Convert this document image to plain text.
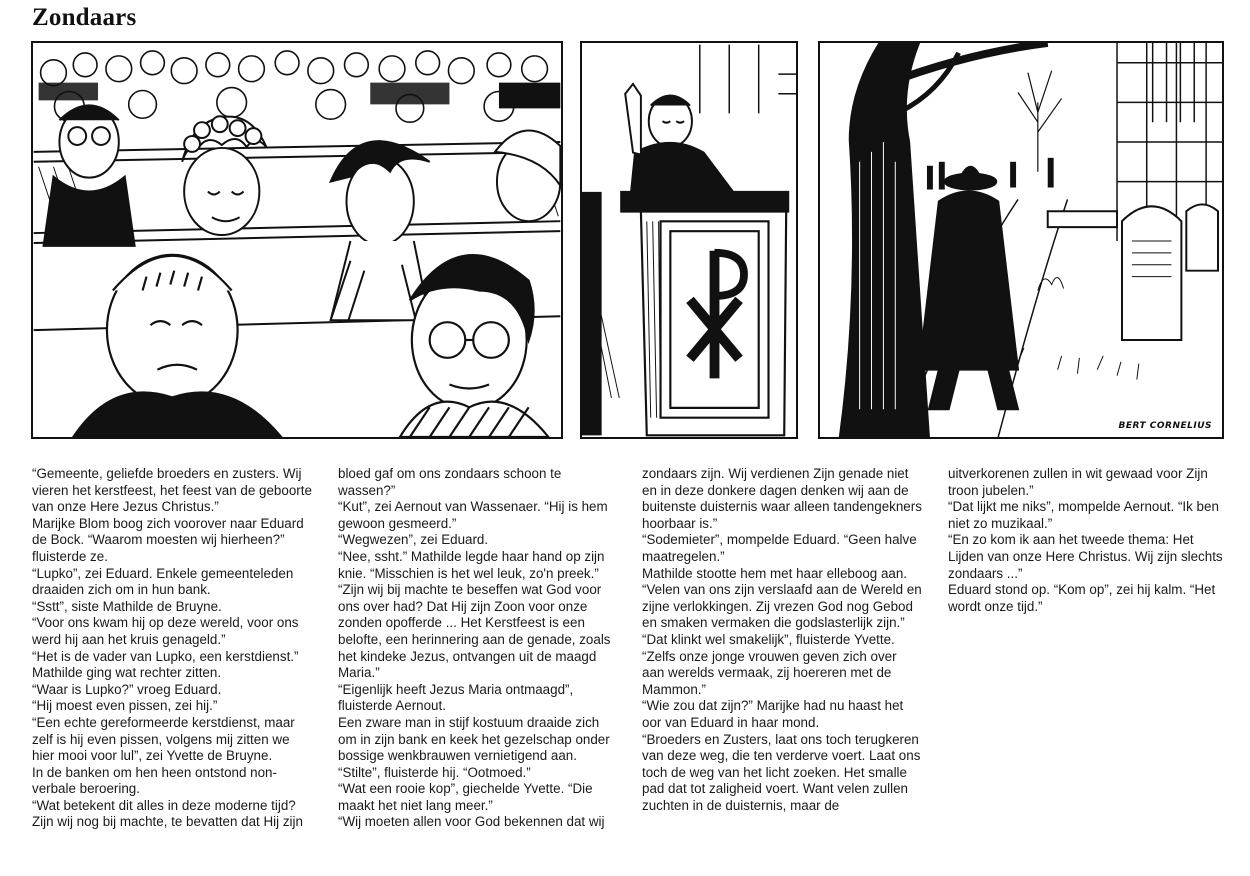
Zondaars
BERT CORNELIUS

“Gemeente, geliefde broeders en zusters. Wij vieren het kerstfeest, het feest van de geboorte van onze Here Jezus Christus.”

Marijke Blom boog zich voorover naar Eduard de Bock. “Waarom moesten wij hierheen?” fluisterde ze.

“Lupko”, zei Eduard. Enkele gemeenteleden draaiden zich om in hun bank.

“Sstt”, siste Mathilde de Bruyne.

“Voor ons kwam hij op deze wereld, voor ons werd hij aan het kruis genageld.”

“Het is de vader van Lupko, een kerstdienst.” Mathilde ging wat rechter zitten.

“Waar is Lupko?” vroeg Eduard.

“Hij moest even pissen, zei hij.”

“Een echte gereformeerde kerstdienst, maar zelf is hij even pissen, volgens mij zitten we hier mooi voor lul”, zei Yvette de Bruyne.

In de banken om hen heen ontstond non-verbale beroering.

“Wat betekent dit alles in deze moderne tijd? Zijn wij nog bij machte, te bevatten dat Hij zijn

bloed gaf om ons zondaars schoon te wassen?”

“Kut”, zei Aernout van Wassenaer. “Hij is hem gewoon gesmeerd.”

“Wegwezen”, zei Eduard.

“Nee, ssht.” Mathilde legde haar hand op zijn knie. “Misschien is het wel leuk, zo'n preek.”

“Zijn wij bij machte te beseffen wat God voor ons over had? Dat Hij zijn Zoon voor onze zonden opofferde ... Het Kerstfeest is een belofte, een herinnering aan de genade, zoals het kindeke Jezus, ontvangen uit de maagd Maria.”

“Eigenlijk heeft Jezus Maria ontmaagd”, fluisterde Aernout.

Een zware man in stijf kostuum draaide zich om in zijn bank en keek het gezelschap onder bossige wenkbrauwen vernietigend aan. “Stilte”, fluisterde hij. “Ootmoed.”

“Wat een rooie kop”, giechelde Yvette. “Die maakt het niet lang meer.”

“Wij moeten allen voor God bekennen dat wij

zondaars zijn. Wij verdienen Zijn genade niet en in deze donkere dagen denken wij aan de buitenste duisternis waar alleen tandengekners hoorbaar is.”

“Sodemieter”, mompelde Eduard. “Geen halve maatregelen.”

Mathilde stootte hem met haar elleboog aan.

“Velen van ons zijn verslaafd aan de Wereld en zijne verlokkingen. Zij vrezen God nog Gebod en smaken vermaken die godslasterlijk zijn.”

“Dat klinkt wel smakelijk”, fluisterde Yvette.

“Zelfs onze jonge vrouwen geven zich over aan werelds vermaak, zij hoereren met de Mammon.”

“Wie zou dat zijn?” Marijke had nu haast het oor van Eduard in haar mond.

“Broeders en Zusters, laat ons toch terugkeren van deze weg, die ten verderve voert. Laat ons toch de weg van het licht zoeken. Het smalle pad dat tot zaligheid voert. Want velen zullen zuchten in de duisternis, maar de

uitverkorenen zullen in wit gewaad voor Zijn troon jubelen.”

“Dat lijkt me niks”, mompelde Aernout. “Ik ben niet zo muzikaal.”

“En zo kom ik aan het tweede thema: Het Lijden van onze Here Christus. Wij zijn slechts zondaars ...”

Eduard stond op. “Kom op”, zei hij kalm. “Het wordt onze tijd.”
